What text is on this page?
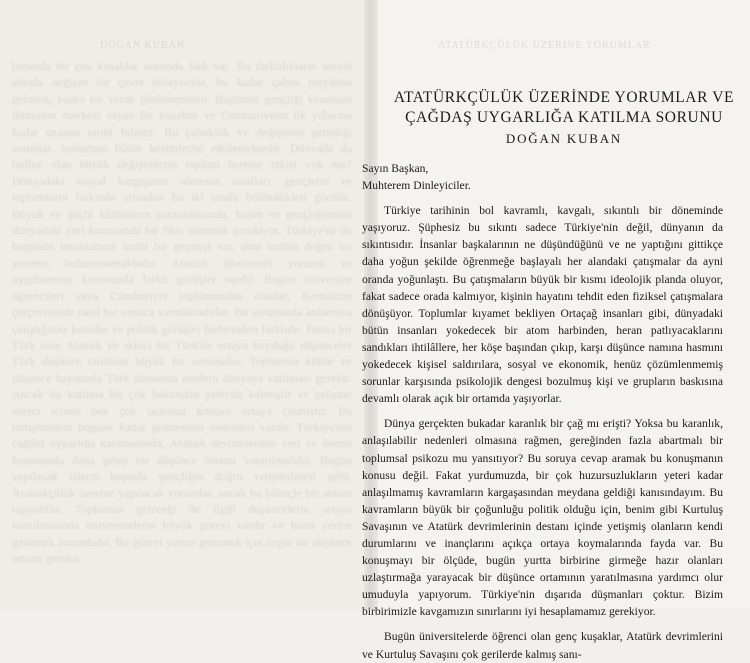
DOĞAN KUBAN
lonunda bir çok kuşaklar arasında fark var. Bu farklılıkların sosyal alanda değişen bir çevre dolayısıyla, bu kadar çabuk meydana gelmesi, başka bir yerde görülmemiştir. Bugünün gençliği kendisini dünyanın merkezi sayan bir kuşaktır ve Cumhuriyetin ilk yıllarına kadar uzanan tarihi bilmez. Bu çabukluk ve değişimin getirdiği sorunlar, toplumun bütün kesimlerini etkilemektedir. Dünyada da tarihte olan büyük değişimlerin toplum üzerine etkisi yok mu? Dünyadaki sosyal kargaşanın olumsuz tarafları, gençlerin ve toplumların farkında olmadan bu iki tarafa bölündükleri görülür. Büyük ve güçlü kültürlerin yaratılmasında, bizim ve gençliğimizin dünyadaki yeri konusunda bir fikir edinmek gerekiyor. Türkiye'de de bugünün insanlarının tarihi bir geçmişi var, ama tarihin doğru bir yorumu bulunamamaktadır. Atatürk ilkelerinin yorumu ve uygulanması konusunda farklı görüşler vardır. Bugün üniversite öğrencileri veya Cumhuriyet toplumundan olanlar, Kemalizm çerçevesinde nasıl bir sonuca varmaktadırlar. Bu sorunlarda anlamaya çalıştığımız konular ve politik görüşler birbirinden farklıdır. Batıcı bir Türk olan Atatürk ile ikinci bir Türk'ün ortaya koyduğu düşünceler Türk düşünce tarihinin büyük bir sorunudur. Toplumun kültür ve düşünce hayatında Türk ulusunun modern dünyaya katılması gerekir. Ancak bu katılma bir çok bakımdan yetersiz kalmıştır ve gelişme süreci içinde pek çok tartışma konusu ortaya çıkmıştır. Bu tartışmaların bugüne kadar gelmesinin nedenleri vardır. Türkiye'nin çağdaş uygarlığa katılmasında, Atatürk devrimlerinin yeri ve önemi konusunda daha geniş bir düşünce ortamı yaratılmalıdır. Bugün yapılacak işlerin başında gençliğin doğru yetiştirilmesi gelir. Atatürkçülük üzerine yapılacak yorumlar, ancak bu bilinçle bir anlam taşıyabilir. Toplumun geleceği ile ilgili düşüncelerin ortaya konulmasında üniversitelerin büyük görevi vardır ve bunu yerine getirmek zorundadır. Bu görevi yerine getirmek için özgür bir düşünce ortamı gerekir.
ATATÜRKÇÜLÜK ÜZERİNE YORUMLAR
ATATÜRKÇÜLÜK ÜZERİNDE YORUMLAR VE
ÇAĞDAŞ UYGARLIĞA KATILMA SORUNU
DOĞAN KUBAN

Sayın Başkan,

Muhterem Dinleyiciler.

Türkiye tarihinin bol kavramlı, kavgalı, sıkıntılı bir döneminde yaşıyoruz. Şüphesiz bu sıkıntı sadece Türkiye'nin değil, dünyanın da sıkıntısıdır. İnsanlar başkalarının ne düşündüğünü ve ne yaptığını gittikçe daha yoğun şekilde öğrenmeğe başlayalı her alandaki çatışmalar da ayni oranda yoğunlaştı. Bu çatışmaların büyük bir kısmı ideolojik planda oluyor, fakat sadece orada kalmıyor, kişinin hayatını tehdit eden fiziksel çatışmalara dönüşüyor. Toplumlar kıyamet bekliyen Ortaçağ insanları gibi, dünyadaki bütün insanları yokedecek bir atom harbinden, heran patlıyacaklarını sandıkları ihtilâllere, her köşe başından çıkıp, karşı düşünce namına hasmını yokedecek kişisel saldırılara, sosyal ve ekonomik, henüz çözümlenmemiş sorunlar karşısında psikolojik dengesi bozulmuş kişi ve grupların baskısına devamlı olarak açık bir ortamda yaşıyorlar.

Dünya gerçekten bukadar karanlık bir çağ mı erişti? Yoksa bu karanlık, anlaşılabilir nedenleri olmasına rağmen, gereğinden fazla abartmalı bir toplumsal psikozu mu yansıtıyor? Bu soruya cevap aramak bu konuşmanın konusu değil. Fakat yurdumuzda, bir çok huzursuzlukların yeteri kadar anlaşılmamış kavramların kargaşasından meydana geldiği kanısındayım. Bu kavramların büyük bir çoğunluğu politik olduğu için, benim gibi Kurtuluş Savaşının ve Atatürk devrimlerinin destanı içinde yetişmiş olanların kendi durumlarını ve inançlarını açıkça ortaya koymalarında fayda var. Bu konuşmayı bir ölçüde, bugün yurtta birbirine girmeğe hazır olanları uzlaştırmağa yarayacak bir düşünce ortamının yaratılmasına yardımcı olur umuduyla yapıyorum. Türkiye'nin dışarıda düşmanları çoktur. Bizim birbirimizle kavgamızın sınırlarını iyi hesaplamamız gerekiyor.

Bugün üniversitelerde öğrenci olan genç kuşaklar, Atatürk devrimlerini ve Kurtuluş Savaşını çok gerilerde kalmış sanı-
